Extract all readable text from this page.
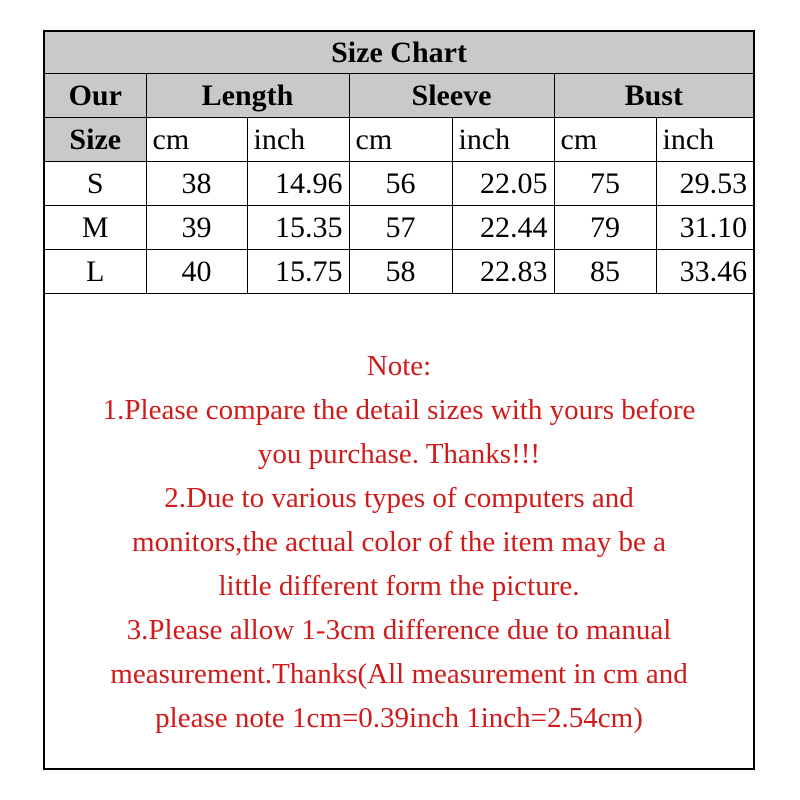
Size Chart						
Our	Length		Sleeve		Bust	
Size	cm	inch	cm	inch	cm	inch
S	38	14.96	56	22.05	75	29.53
M	39	15.35	57	22.44	79	31.10
L	40	15.75	58	22.83	85	33.46
Note:
1.Please compare the detail sizes with yours before
you purchase. Thanks!!!
2.Due to various types of computers and
monitors,the actual color of the item may be a
little different form the picture.
3.Please allow 1-3cm difference due to manual
measurement.Thanks(All measurement in cm and
please note 1cm=0.39inch 1inch=2.54cm)
